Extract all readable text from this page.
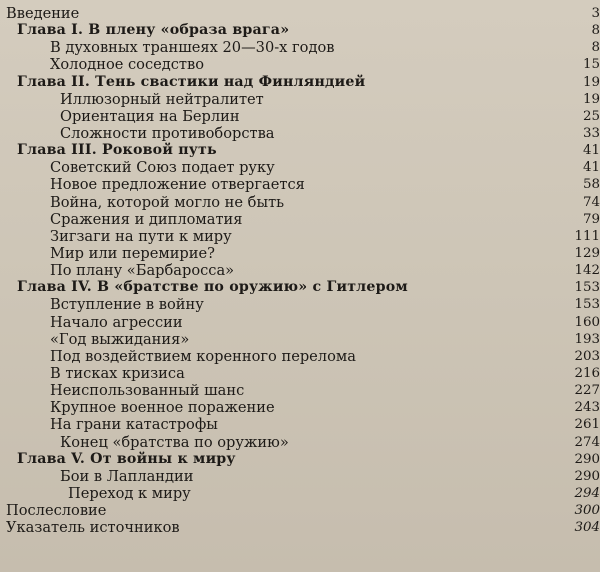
Введение	3
Глава I. В плену «образа врага»	8
В духовных траншеях 20—30-х годов	8
Холодное соседство	15
Глава II. Тень свастики над Финляндией	19
Иллюзорный нейтралитет	19
Ориентация на Берлин	25
Сложности противоборства	33
Глава III. Роковой путь	41
Советский Союз подает руку	41
Новое предложение отвергается	58
Война, которой могло не быть	74
Сражения и дипломатия	79
Зигзаги на пути к миру	111
Мир или перемирие?	129
По плану «Барбаросса»	142
Глава IV. В «братстве по оружию» с Гитлером	153
Вступление в войну	153
Начало агрессии	160
«Год выжидания»	193
Под воздействием коренного перелома	203
В тисках кризиса	216
Неиспользованный шанс	227
Крупное военное поражение	243
На грани катастрофы	261
Конец «братства по оружию»	274
Глава V. От войны к миру	290
Бои в Лапландии	290
Переход к миру	294
Послесловие	300
Указатель источников	304
